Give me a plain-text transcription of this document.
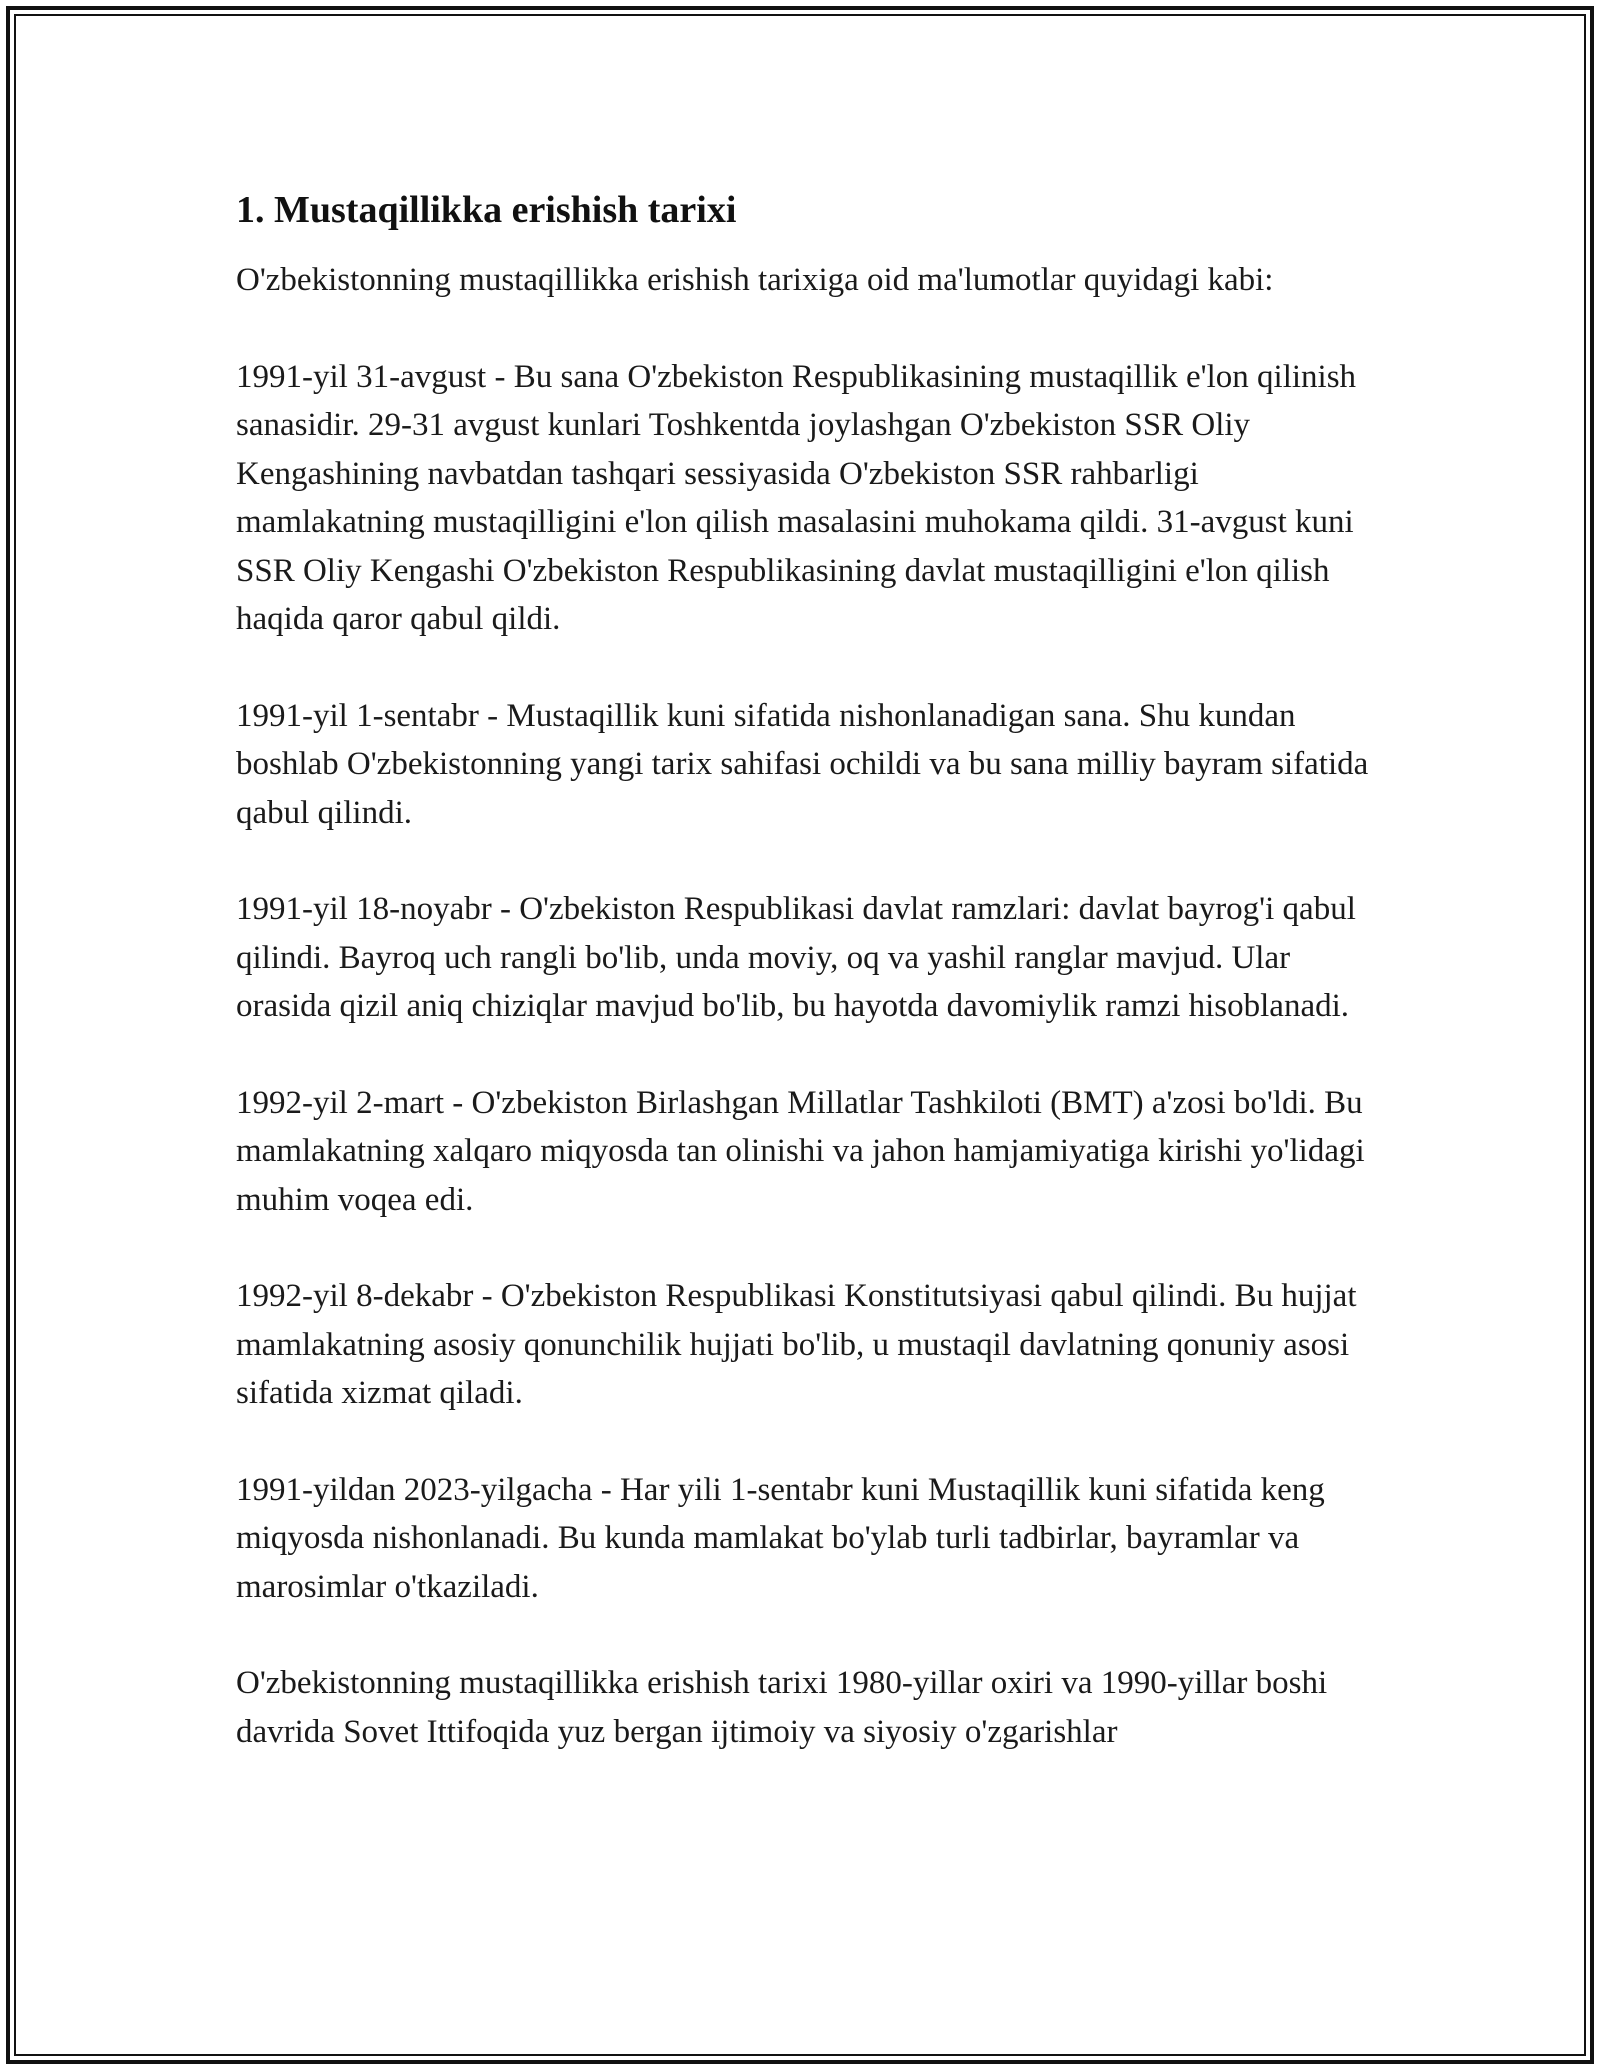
1. Mustaqillikka erishish tarixi

O'zbekistonning mustaqillikka erishish tarixiga oid ma'lumotlar quyidagi kabi:

1991-yil 31-avgust - Bu sana O'zbekiston Respublikasining mustaqillik e'lon qilinish sanasidir. 29-31 avgust kunlari Toshkentda joylashgan O'zbekiston SSR Oliy Kengashining navbatdan tashqari sessiyasida O'zbekiston SSR rahbarligi mamlakatning mustaqilligini e'lon qilish masalasini muhokama qildi. 31-avgust kuni SSR Oliy Kengashi O'zbekiston Respublikasining davlat mustaqilligini e'lon qilish haqida qaror qabul qildi.

1991-yil 1-sentabr - Mustaqillik kuni sifatida nishonlanadigan sana. Shu kundan boshlab O'zbekistonning yangi tarix sahifasi ochildi va bu sana milliy bayram sifatida qabul qilindi.

1991-yil 18-noyabr - O'zbekiston Respublikasi davlat ramzlari: davlat bayrog'i qabul qilindi. Bayroq uch rangli bo'lib, unda moviy, oq va yashil ranglar mavjud. Ular orasida qizil aniq chiziqlar mavjud bo'lib, bu hayotda davomiylik ramzi hisoblanadi.

1992-yil 2-mart - O'zbekiston Birlashgan Millatlar Tashkiloti (BMT) a'zosi bo'ldi. Bu mamlakatning xalqaro miqyosda tan olinishi va jahon hamjamiyatiga kirishi yo'lidagi muhim voqea edi.

1992-yil 8-dekabr - O'zbekiston Respublikasi Konstitutsiyasi qabul qilindi. Bu hujjat mamlakatning asosiy qonunchilik hujjati bo'lib, u mustaqil davlatning qonuniy asosi sifatida xizmat qiladi.

1991-yildan 2023-yilgacha - Har yili 1-sentabr kuni Mustaqillik kuni sifatida keng miqyosda nishonlanadi. Bu kunda mamlakat bo'ylab turli tadbirlar, bayramlar va marosimlar o'tkaziladi.

O'zbekistonning mustaqillikka erishish tarixi 1980-yillar oxiri va 1990-yillar boshi davrida Sovet Ittifoqida yuz bergan ijtimoiy va siyosiy o'zgarishlar
